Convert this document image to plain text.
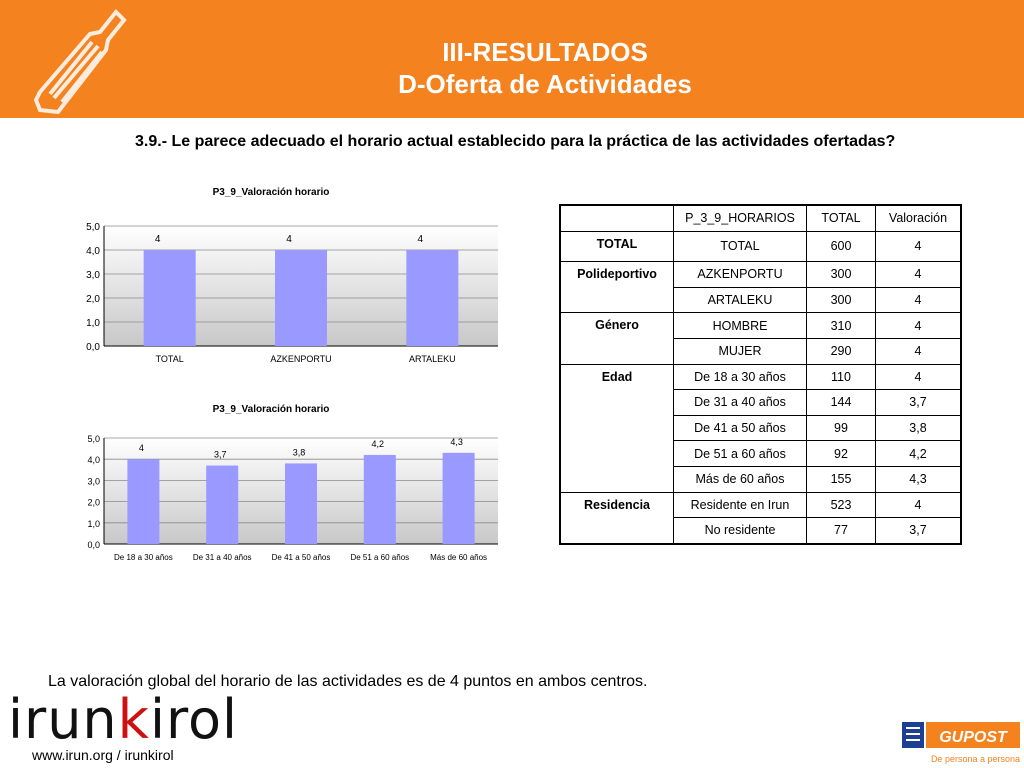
III-RESULTADOS
D-Oferta de Actividades
3.9.- Le parece adecuado el horario actual establecido para la práctica de las actividades ofertadas?
P3_9_Valoración horario
0,0
1,0
2,0
3,0
4,0
5,0
4
TOTAL
4
AZKENPORTU
4
ARTALEKU
P3_9_Valoración horario
0,0
1,0
2,0
3,0
4,0
5,0
4
De 18 a 30 años
3,7
De 31 a 40 años
3,8
De 41 a 50 años
4,2
De 51 a 60 años
4,3
Más de 60 años
	P_3_9_HORARIOS	TOTAL	Valoración
TOTAL	TOTAL	600	4
Polideportivo	AZKENPORTU	300	4
	ARTALEKU	300	4
Género	HOMBRE	310	4
	MUJER	290	4
Edad	De 18 a 30 años	110	4
	De 31 a 40 años	144	3,7
	De 41 a 50 años	99	3,8
	De 51 a 60 años	92	4,2
	Más de 60 años	155	4,3
Residencia	Residente en Irun	523	4
	No residente	77	3,7
La valoración global del horario de las actividades es de 4 puntos en ambos centros.
irunkirol
www.irun.org / irunkirol
GUPOST
De persona a persona
